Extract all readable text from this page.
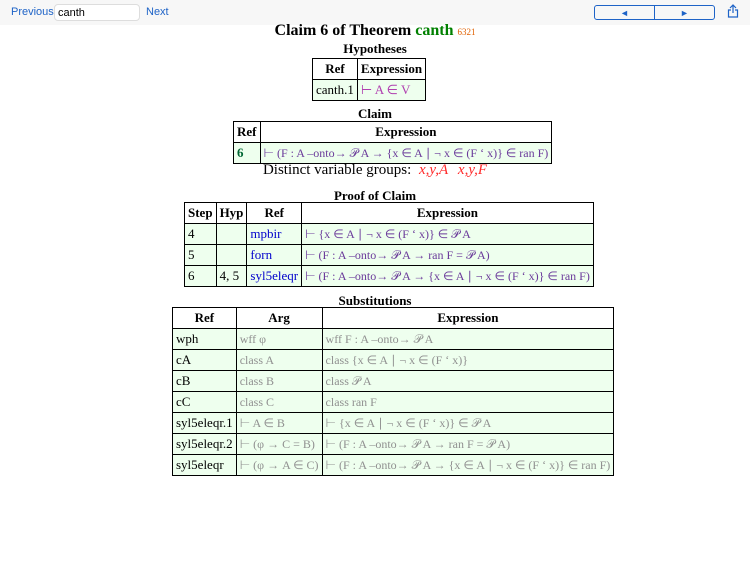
Previous
canth	Next	◄	►
Claim 6 of Theorem canth 6321
Hypotheses
Ref	Expression
canth.1	⊢ A ∈ V
Claim
Ref	Expression
6	⊢ (F : A –onto→ 𝒫 A → {x ∈ A ∣ ¬ x ∈ (F ‘ x)} ∈ ran F)
Distinct variable groups: x,y,A x,y,F
Proof of Claim
Step	Hyp	Ref	Expression
4		mpbir	⊢ {x ∈ A ∣ ¬ x ∈ (F ‘ x)} ∈ 𝒫 A
5		forn	⊢ (F : A –onto→ 𝒫 A → ran F = 𝒫 A)
6	4, 5	syl5eleqr	⊢ (F : A –onto→ 𝒫 A → {x ∈ A ∣ ¬ x ∈ (F ‘ x)} ∈ ran F)
Substitutions
Ref	Arg	Expression
wph	wff φ	wff F : A –onto→ 𝒫 A
cA	class A	class {x ∈ A ∣ ¬ x ∈ (F ‘ x)}
cB	class B	class 𝒫 A
cC	class C	class ran F
syl5eleqr.1	⊢ A ∈ B	⊢ {x ∈ A ∣ ¬ x ∈ (F ‘ x)} ∈ 𝒫 A
syl5eleqr.2	⊢ (φ → C = B)	⊢ (F : A –onto→ 𝒫 A → ran F = 𝒫 A)
syl5eleqr	⊢ (φ → A ∈ C)	⊢ (F : A –onto→ 𝒫 A → {x ∈ A ∣ ¬ x ∈ (F ‘ x)} ∈ ran F)
